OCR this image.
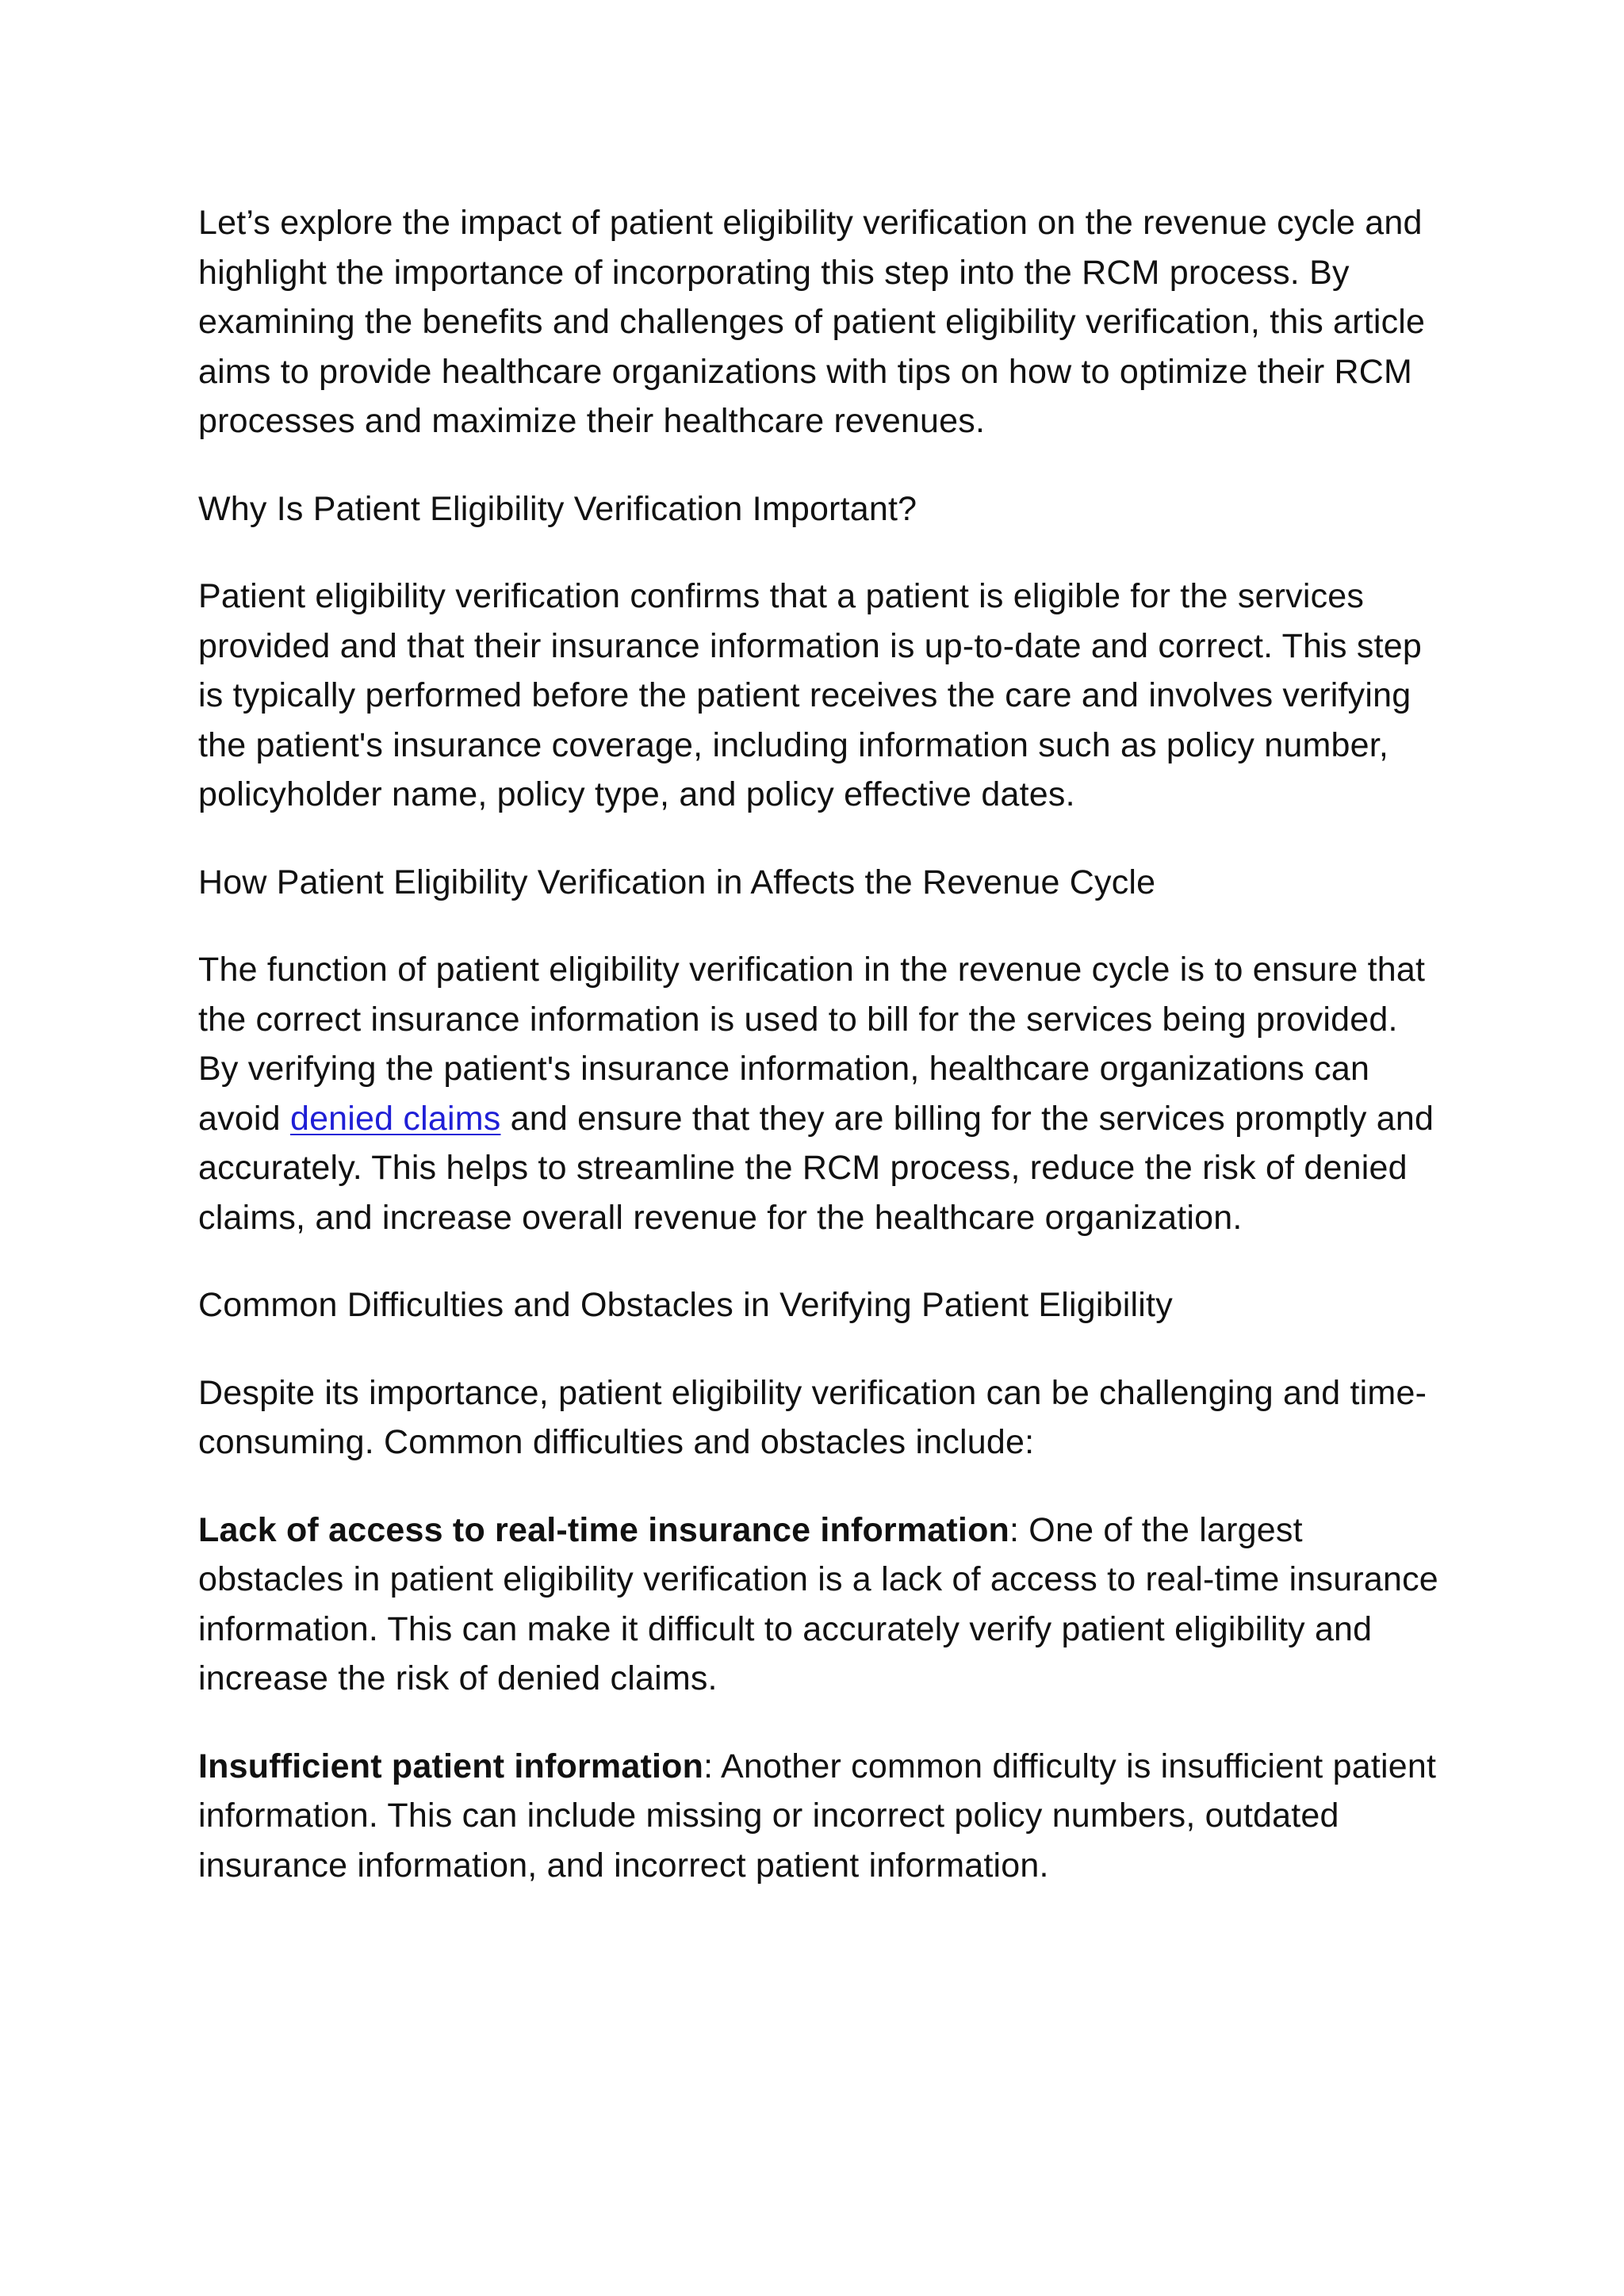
Let’s explore the impact of patient eligibility verification on the revenue cycle and highlight the importance of incorporating this step into the RCM process. By examining the benefits and challenges of patient eligibility verification, this article aims to provide healthcare organizations with tips on how to optimize their RCM processes and maximize their healthcare revenues.

Why Is Patient Eligibility Verification Important?

Patient eligibility verification confirms that a patient is eligible for the services provided and that their insurance information is up-to-date and correct. This step is typically performed before the patient receives the care and involves verifying the patient's insurance coverage, including information such as policy number, policyholder name, policy type, and policy effective dates.

How Patient Eligibility Verification in Affects the Revenue Cycle

The function of patient eligibility verification in the revenue cycle is to ensure that the correct insurance information is used to bill for the services being provided. By verifying the patient's insurance information, healthcare organizations can avoid denied claims and ensure that they are billing for the services promptly and accurately. This helps to streamline the RCM process, reduce the risk of denied claims, and increase overall revenue for the healthcare organization.

Common Difficulties and Obstacles in Verifying Patient Eligibility

Despite its importance, patient eligibility verification can be challenging and time-consuming. Common difficulties and obstacles include:

Lack of access to real-time insurance information: One of the largest obstacles in patient eligibility verification is a lack of access to real-time insurance information. This can make it difficult to accurately verify patient eligibility and increase the risk of denied claims.

Insufficient patient information: Another common difficulty is insufficient patient information. This can include missing or incorrect policy numbers, outdated insurance information, and incorrect patient information.
